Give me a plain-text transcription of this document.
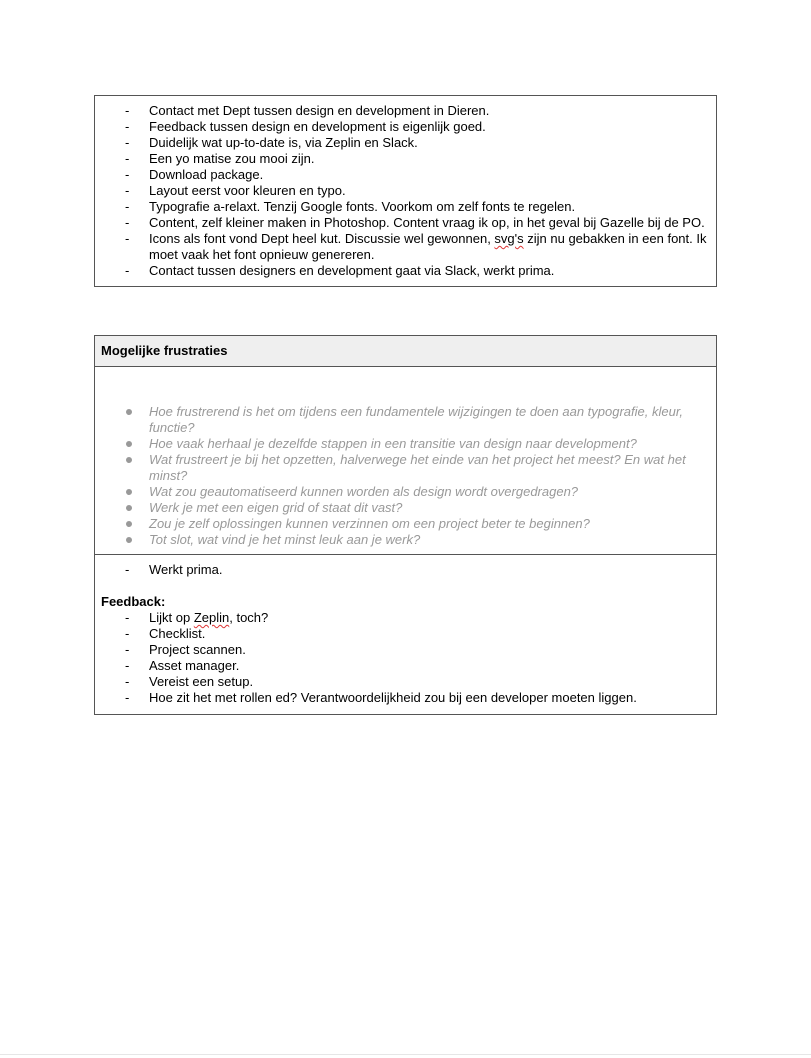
- Contact met Dept tussen design en development in Dieren.
- Feedback tussen design en development is eigenlijk goed.
- Duidelijk wat up-to-date is, via Zeplin en Slack.
- Een yo matise zou mooi zijn.
- Download package.
- Layout eerst voor kleuren en typo.
- Typografie a-relaxt. Tenzij Google fonts. Voorkom om zelf fonts te regelen.
- Content, zelf kleiner maken in Photoshop. Content vraag ik op, in het geval bij Gazelle bij de PO.
- Icons als font vond Dept heel kut. Discussie wel gewonnen, svg's zijn nu gebakken in een font. Ik moet vaak het font opnieuw genereren.
- Contact tussen designers en development gaat via Slack, werkt prima.
Mogelijke frustraties
Hoe frustrerend is het om tijdens een fundamentele wijzigingen te doen aan typografie, kleur, functie?
Hoe vaak herhaal je dezelfde stappen in een transitie van design naar development?
Wat frustreert je bij het opzetten, halverwege het einde van het project het meest? En wat het minst?
Wat zou geautomatiseerd kunnen worden als design wordt overgedragen?
Werk je met een eigen grid of staat dit vast?
Zou je zelf oplossingen kunnen verzinnen om een project beter te beginnen?
Tot slot, wat vind je het minst leuk aan je werk?
- Werkt prima.
Feedback:
- Lijkt op Zeplin, toch?
- Checklist.
- Project scannen.
- Asset manager.
- Vereist een setup.
- Hoe zit het met rollen ed? Verantwoordelijkheid zou bij een developer moeten liggen.
